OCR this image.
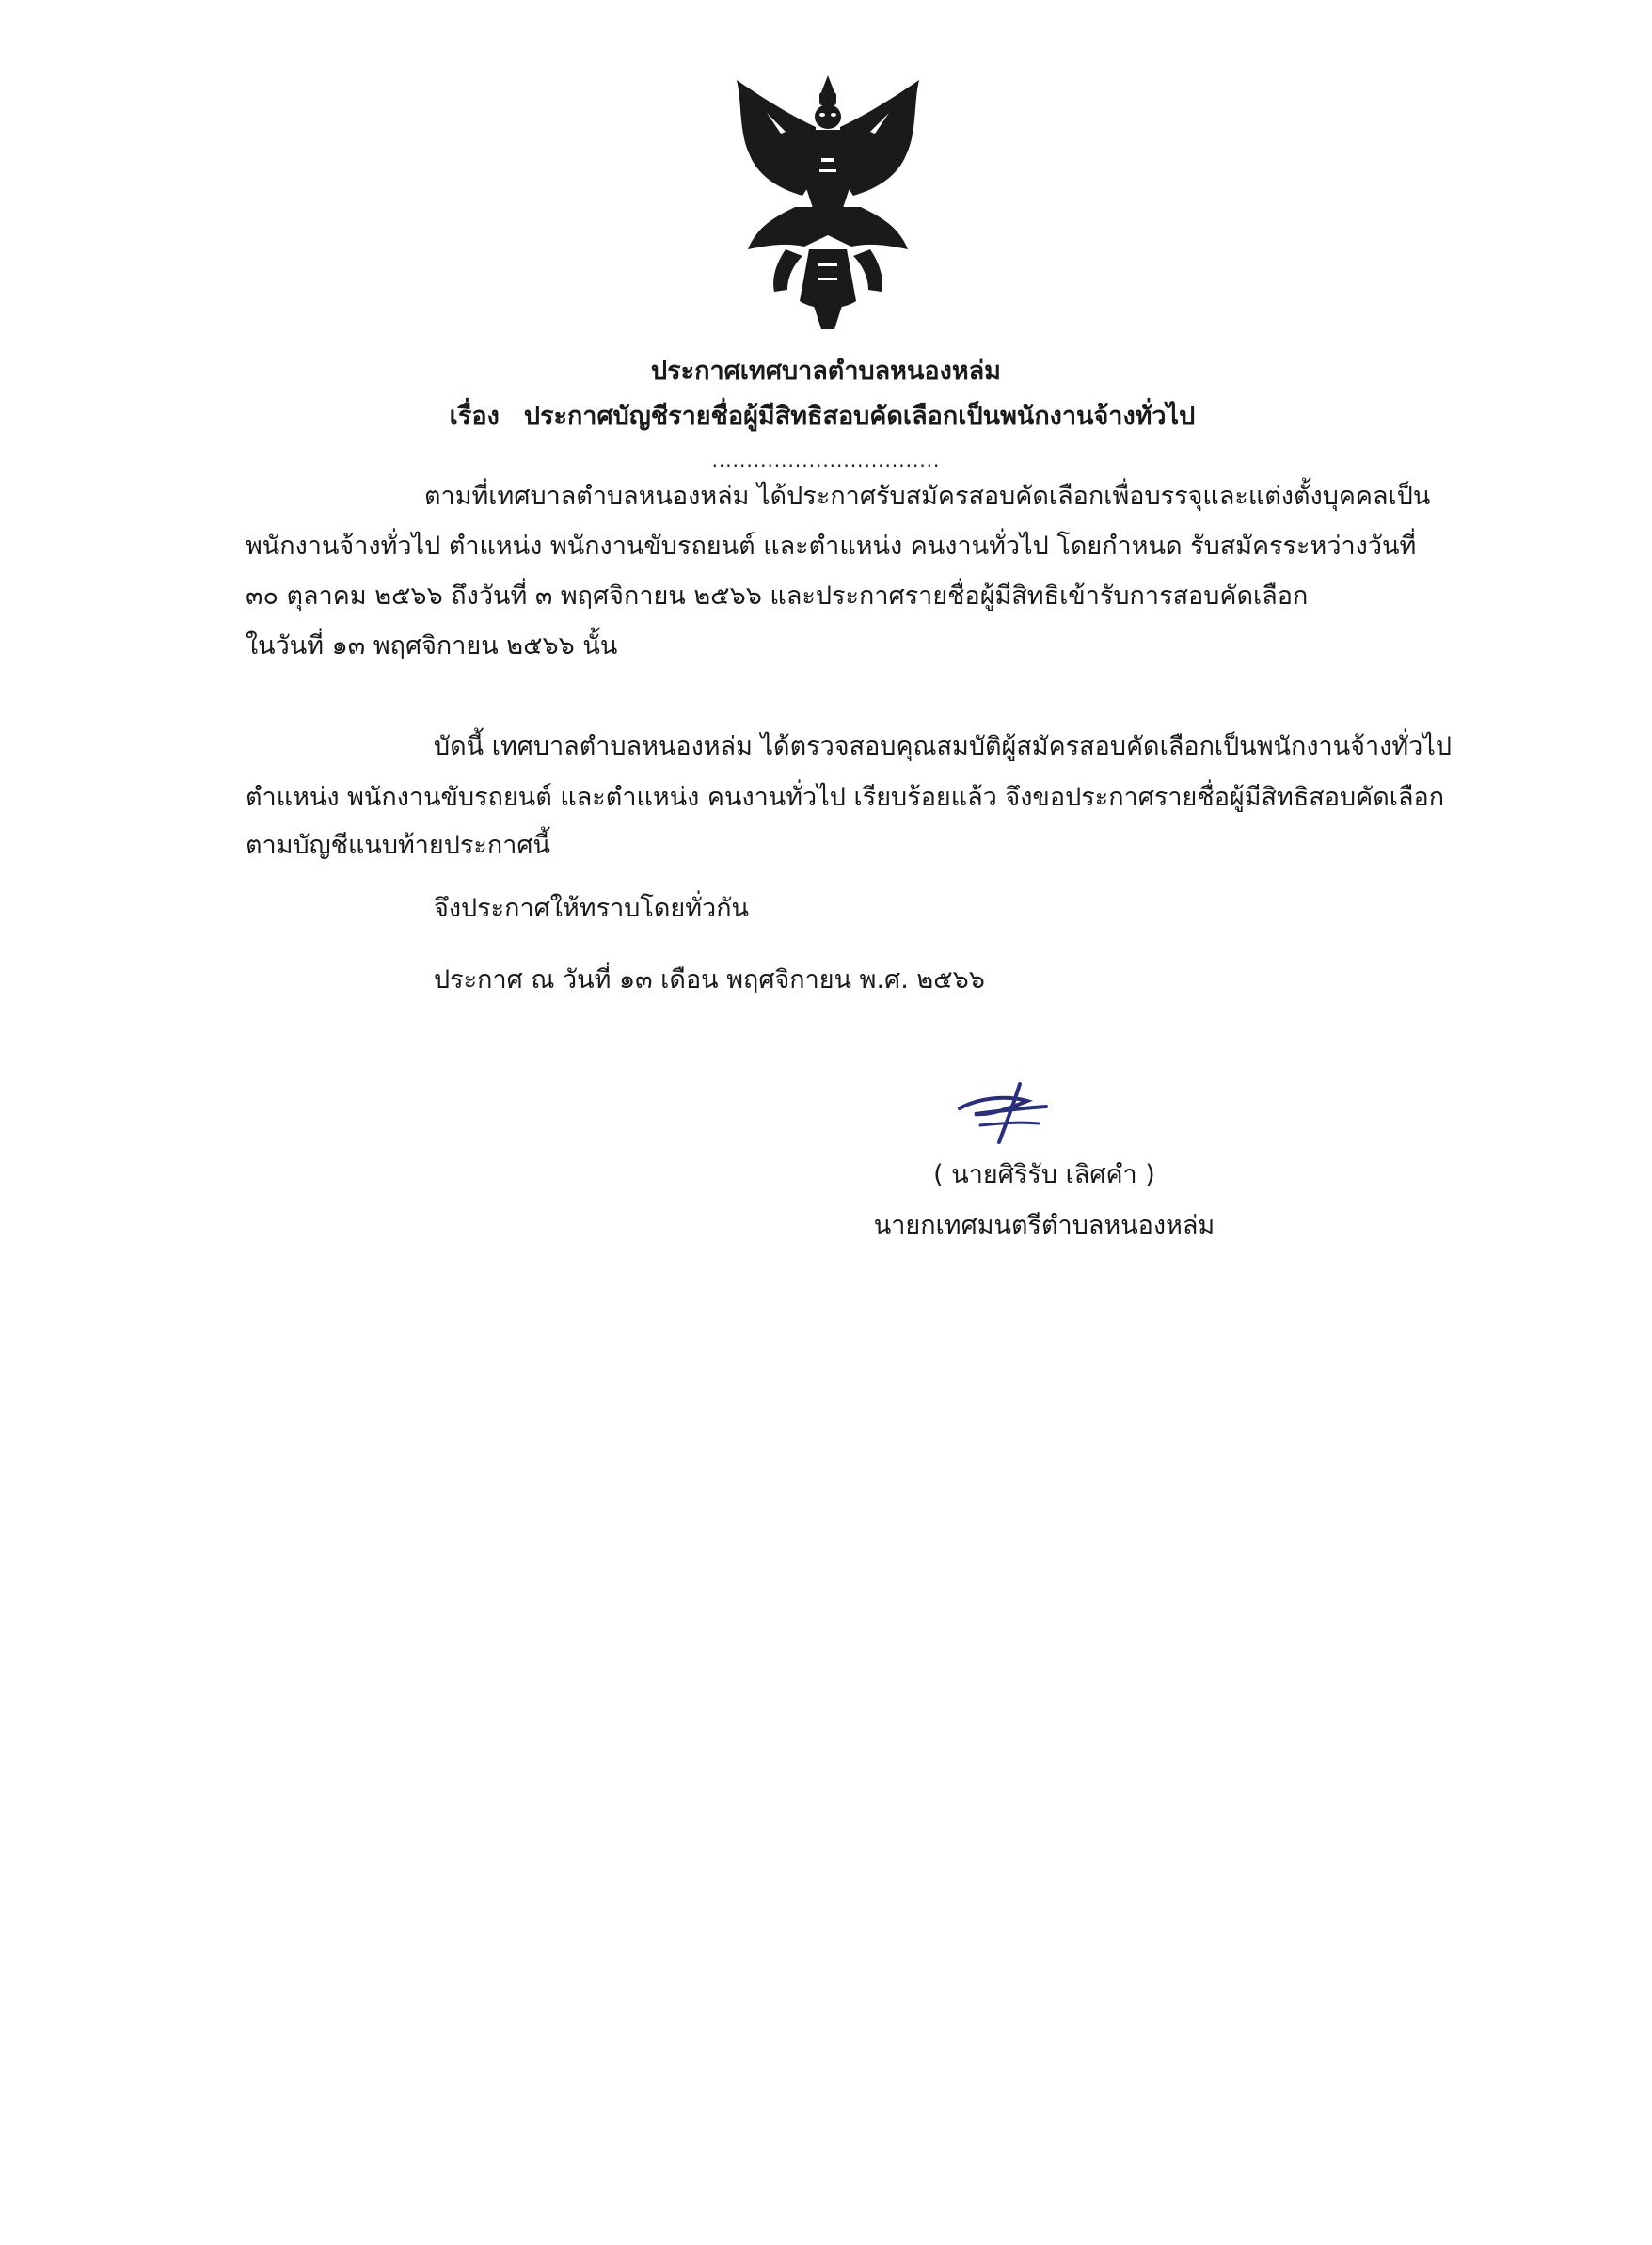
ประกาศเทศบาลตำบลหนองหล่ม
เรื่อง ประกาศบัญชีรายชื่อผู้มีสิทธิสอบคัดเลือกเป็นพนักงานจ้างทั่วไป
.................................
ตามที่เทศบาลตำบลหนองหล่ม ได้ประกาศรับสมัครสอบคัดเลือกเพื่อบรรจุและแต่งตั้งบุคคลเป็น
พนักงานจ้างทั่วไป ตำแหน่ง พนักงานขับรถยนต์ และตำแหน่ง คนงานทั่วไป โดยกำหนด รับสมัครระหว่างวันที่
๓๐ ตุลาคม ๒๕๖๖ ถึงวันที่ ๓ พฤศจิกายน ๒๕๖๖ และประกาศรายชื่อผู้มีสิทธิเข้ารับการสอบคัดเลือก
ในวันที่ ๑๓ พฤศจิกายน ๒๕๖๖ นั้น
บัดนี้ เทศบาลตำบลหนองหล่ม ได้ตรวจสอบคุณสมบัติผู้สมัครสอบคัดเลือกเป็นพนักงานจ้างทั่วไป
ตำแหน่ง พนักงานขับรถยนต์ และตำแหน่ง คนงานทั่วไป เรียบร้อยแล้ว จึงขอประกาศรายชื่อผู้มีสิทธิสอบคัดเลือก
ตามบัญชีแนบท้ายประกาศนี้
จึงประกาศให้ทราบโดยทั่วกัน
ประกาศ ณ วันที่ ๑๓ เดือน พฤศจิกายน พ.ศ. ๒๕๖๖
( นายศิริรับ เลิศคำ )
นายกเทศมนตรีตำบลหนองหล่ม
